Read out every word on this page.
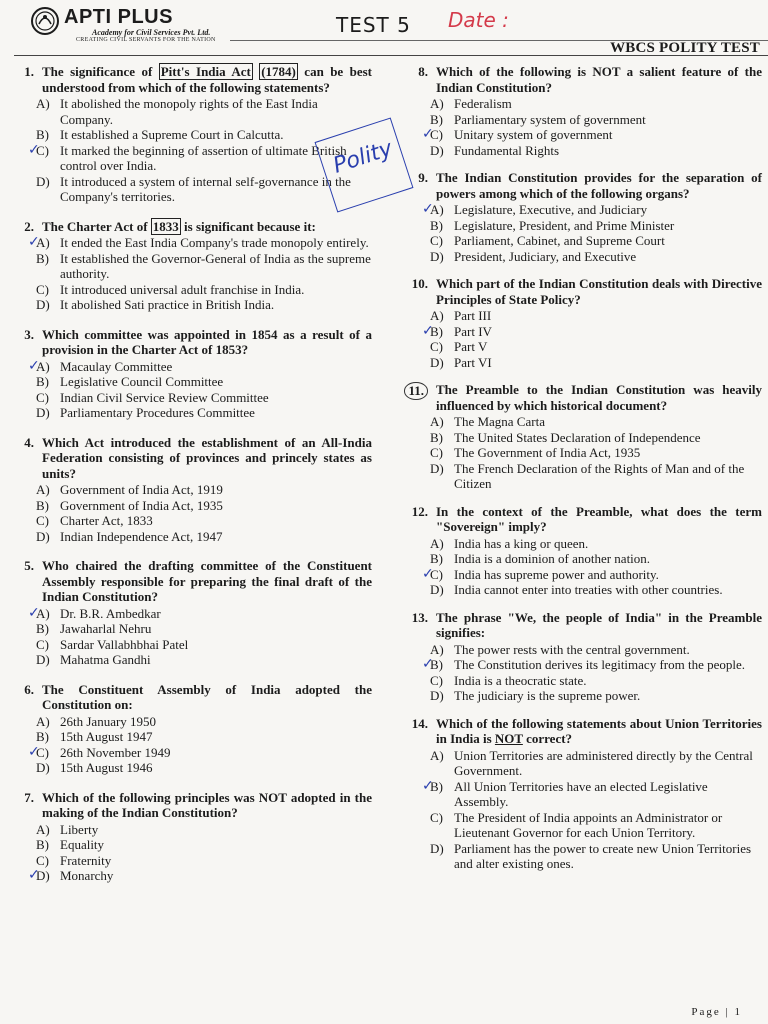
APTI PLUS
Academy for Civil Services Pvt. Ltd.
CREATING CIVIL SERVANTS FOR THE NATION
TEST 5 Date :
WBCS POLITY TEST
1. The significance of Pitt's India Act (1784) can be best understood from which of the following statements?
A) It abolished the monopoly rights of the East India Company.
B) It established a Supreme Court in Calcutta.
C) It marked the beginning of assertion of ultimate British control over India.
✓
D) It introduced a system of internal self-governance in the Company's territories.
2. The Charter Act of 1833 is significant because it:
A) It ended the East India Company's trade monopoly entirely.
✓
B) It established the Governor-General of India as the supreme authority.
C) It introduced universal adult franchise in India.
D) It abolished Sati practice in British India.
3. Which committee was appointed in 1854 as a result of a provision in the Charter Act of 1853?
A) Macaulay Committee
✓
B) Legislative Council Committee
C) Indian Civil Service Review Committee
D) Parliamentary Procedures Committee
4. Which Act introduced the establishment of an All-India Federation consisting of provinces and princely states as units?
A) Government of India Act, 1919
B) Government of India Act, 1935
C) Charter Act, 1833
D) Indian Independence Act, 1947
5. Who chaired the drafting committee of the Constituent Assembly responsible for preparing the final draft of the Indian Constitution?
A) Dr. B.R. Ambedkar
✓
B) Jawaharlal Nehru
C) Sardar Vallabhbhai Patel
D) Mahatma Gandhi
6. The Constituent Assembly of India adopted the Constitution on:
A) 26th January 1950
B) 15th August 1947
C) 26th November 1949
✓
D) 15th August 1946
7. Which of the following principles was NOT adopted in the making of the Indian Constitution?
A) Liberty
B) Equality
C) Fraternity
D) Monarchy
✓
8. Which of the following is NOT a salient feature of the Indian Constitution?
A) Federalism
B) Parliamentary system of government
C) Unitary system of government
✓
D) Fundamental Rights
9. The Indian Constitution provides for the separation of powers among which of the following organs?
A) Legislature, Executive, and Judiciary
✓
B) Legislature, President, and Prime Minister
C) Parliament, Cabinet, and Supreme Court
D) President, Judiciary, and Executive
10. Which part of the Indian Constitution deals with Directive Principles of State Policy?
A) Part III
B) Part IV
✓
C) Part V
D) Part VI
11. The Preamble to the Indian Constitution was heavily influenced by which historical document?
A) The Magna Carta
B) The United States Declaration of Independence
C) The Government of India Act, 1935
D) The French Declaration of the Rights of Man and of the Citizen
12. In the context of the Preamble, what does the term "Sovereign" imply?
A) India has a king or queen.
B) India is a dominion of another nation.
C) India has supreme power and authority.
✓
D) India cannot enter into treaties with other countries.
13. The phrase "We, the people of India" in the Preamble signifies:
A) The power rests with the central government.
B) The Constitution derives its legitimacy from the people.
✓
C) India is a theocratic state.
D) The judiciary is the supreme power.
14. Which of the following statements about Union Territories in India is NOT correct?
A) Union Territories are administered directly by the Central Government.
B) All Union Territories have an elected Legislative Assembly.
✓
C) The President of India appoints an Administrator or Lieutenant Governor for each Union Territory.
D) Parliament has the power to create new Union Territories and alter existing ones.
Polity
Page | 1
